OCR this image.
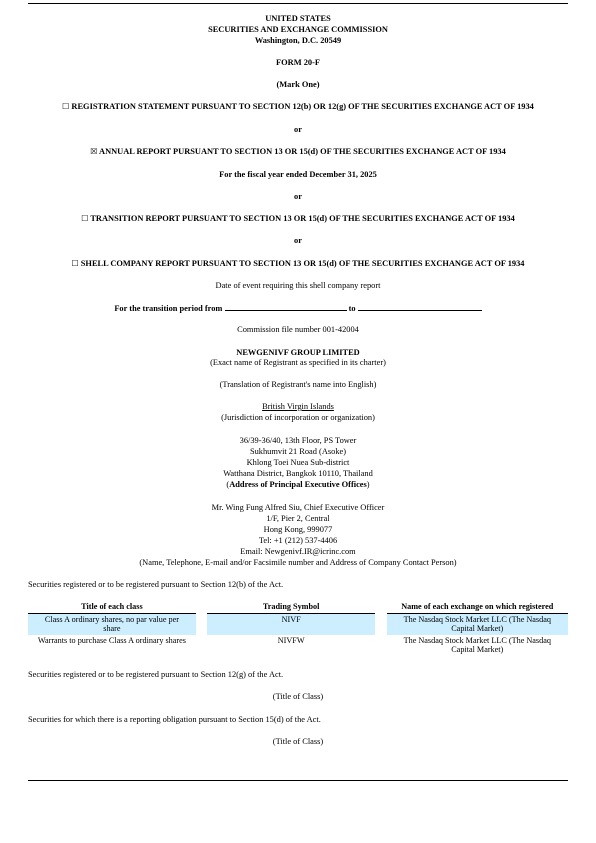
UNITED STATES
SECURITIES AND EXCHANGE COMMISSION
Washington, D.C. 20549
FORM 20-F
(Mark One)
☐ REGISTRATION STATEMENT PURSUANT TO SECTION 12(b) OR 12(g) OF THE SECURITIES EXCHANGE ACT OF 1934
or
☒ ANNUAL REPORT PURSUANT TO SECTION 13 OR 15(d) OF THE SECURITIES EXCHANGE ACT OF 1934
For the fiscal year ended December 31, 2025
or
☐ TRANSITION REPORT PURSUANT TO SECTION 13 OR 15(d) OF THE SECURITIES EXCHANGE ACT OF 1934
or
☐ SHELL COMPANY REPORT PURSUANT TO SECTION 13 OR 15(d) OF THE SECURITIES EXCHANGE ACT OF 1934
Date of event requiring this shell company report
For the transition period from	to
Commission file number 001-42004
NEWGENIVF GROUP LIMITED
(Exact name of Registrant as specified in its charter)
(Translation of Registrant's name into English)
British Virgin Islands
(Jurisdiction of incorporation or organization)
36/39-36/40, 13th Floor, PS Tower
Sukhumvit 21 Road (Asoke)
Khlong Toei Nuea Sub-district
Watthana District, Bangkok 10110, Thailand
(Address of Principal Executive Offices)
Mr. Wing Fung Alfred Siu, Chief Executive Officer
1/F, Pier 2, Central
Hong Kong, 999077
Tel: +1 (212) 537-4406
Email: Newgenivf.IR@icrinc.com
(Name, Telephone, E-mail and/or Facsimile number and Address of Company Contact Person)
Securities registered or to be registered pursuant to Section 12(b) of the Act.
Title of each class		Trading Symbol		Name of each exchange on which registered
Class A ordinary shares, no par value per
share		NIVF		The Nasdaq Stock Market LLC (The Nasdaq
Capital Market)
Warrants to purchase Class A ordinary shares		NIVFW		The Nasdaq Stock Market LLC (The Nasdaq
Capital Market)
Securities registered or to be registered pursuant to Section 12(g) of the Act.
(Title of Class)
Securities for which there is a reporting obligation pursuant to Section 15(d) of the Act.
(Title of Class)
